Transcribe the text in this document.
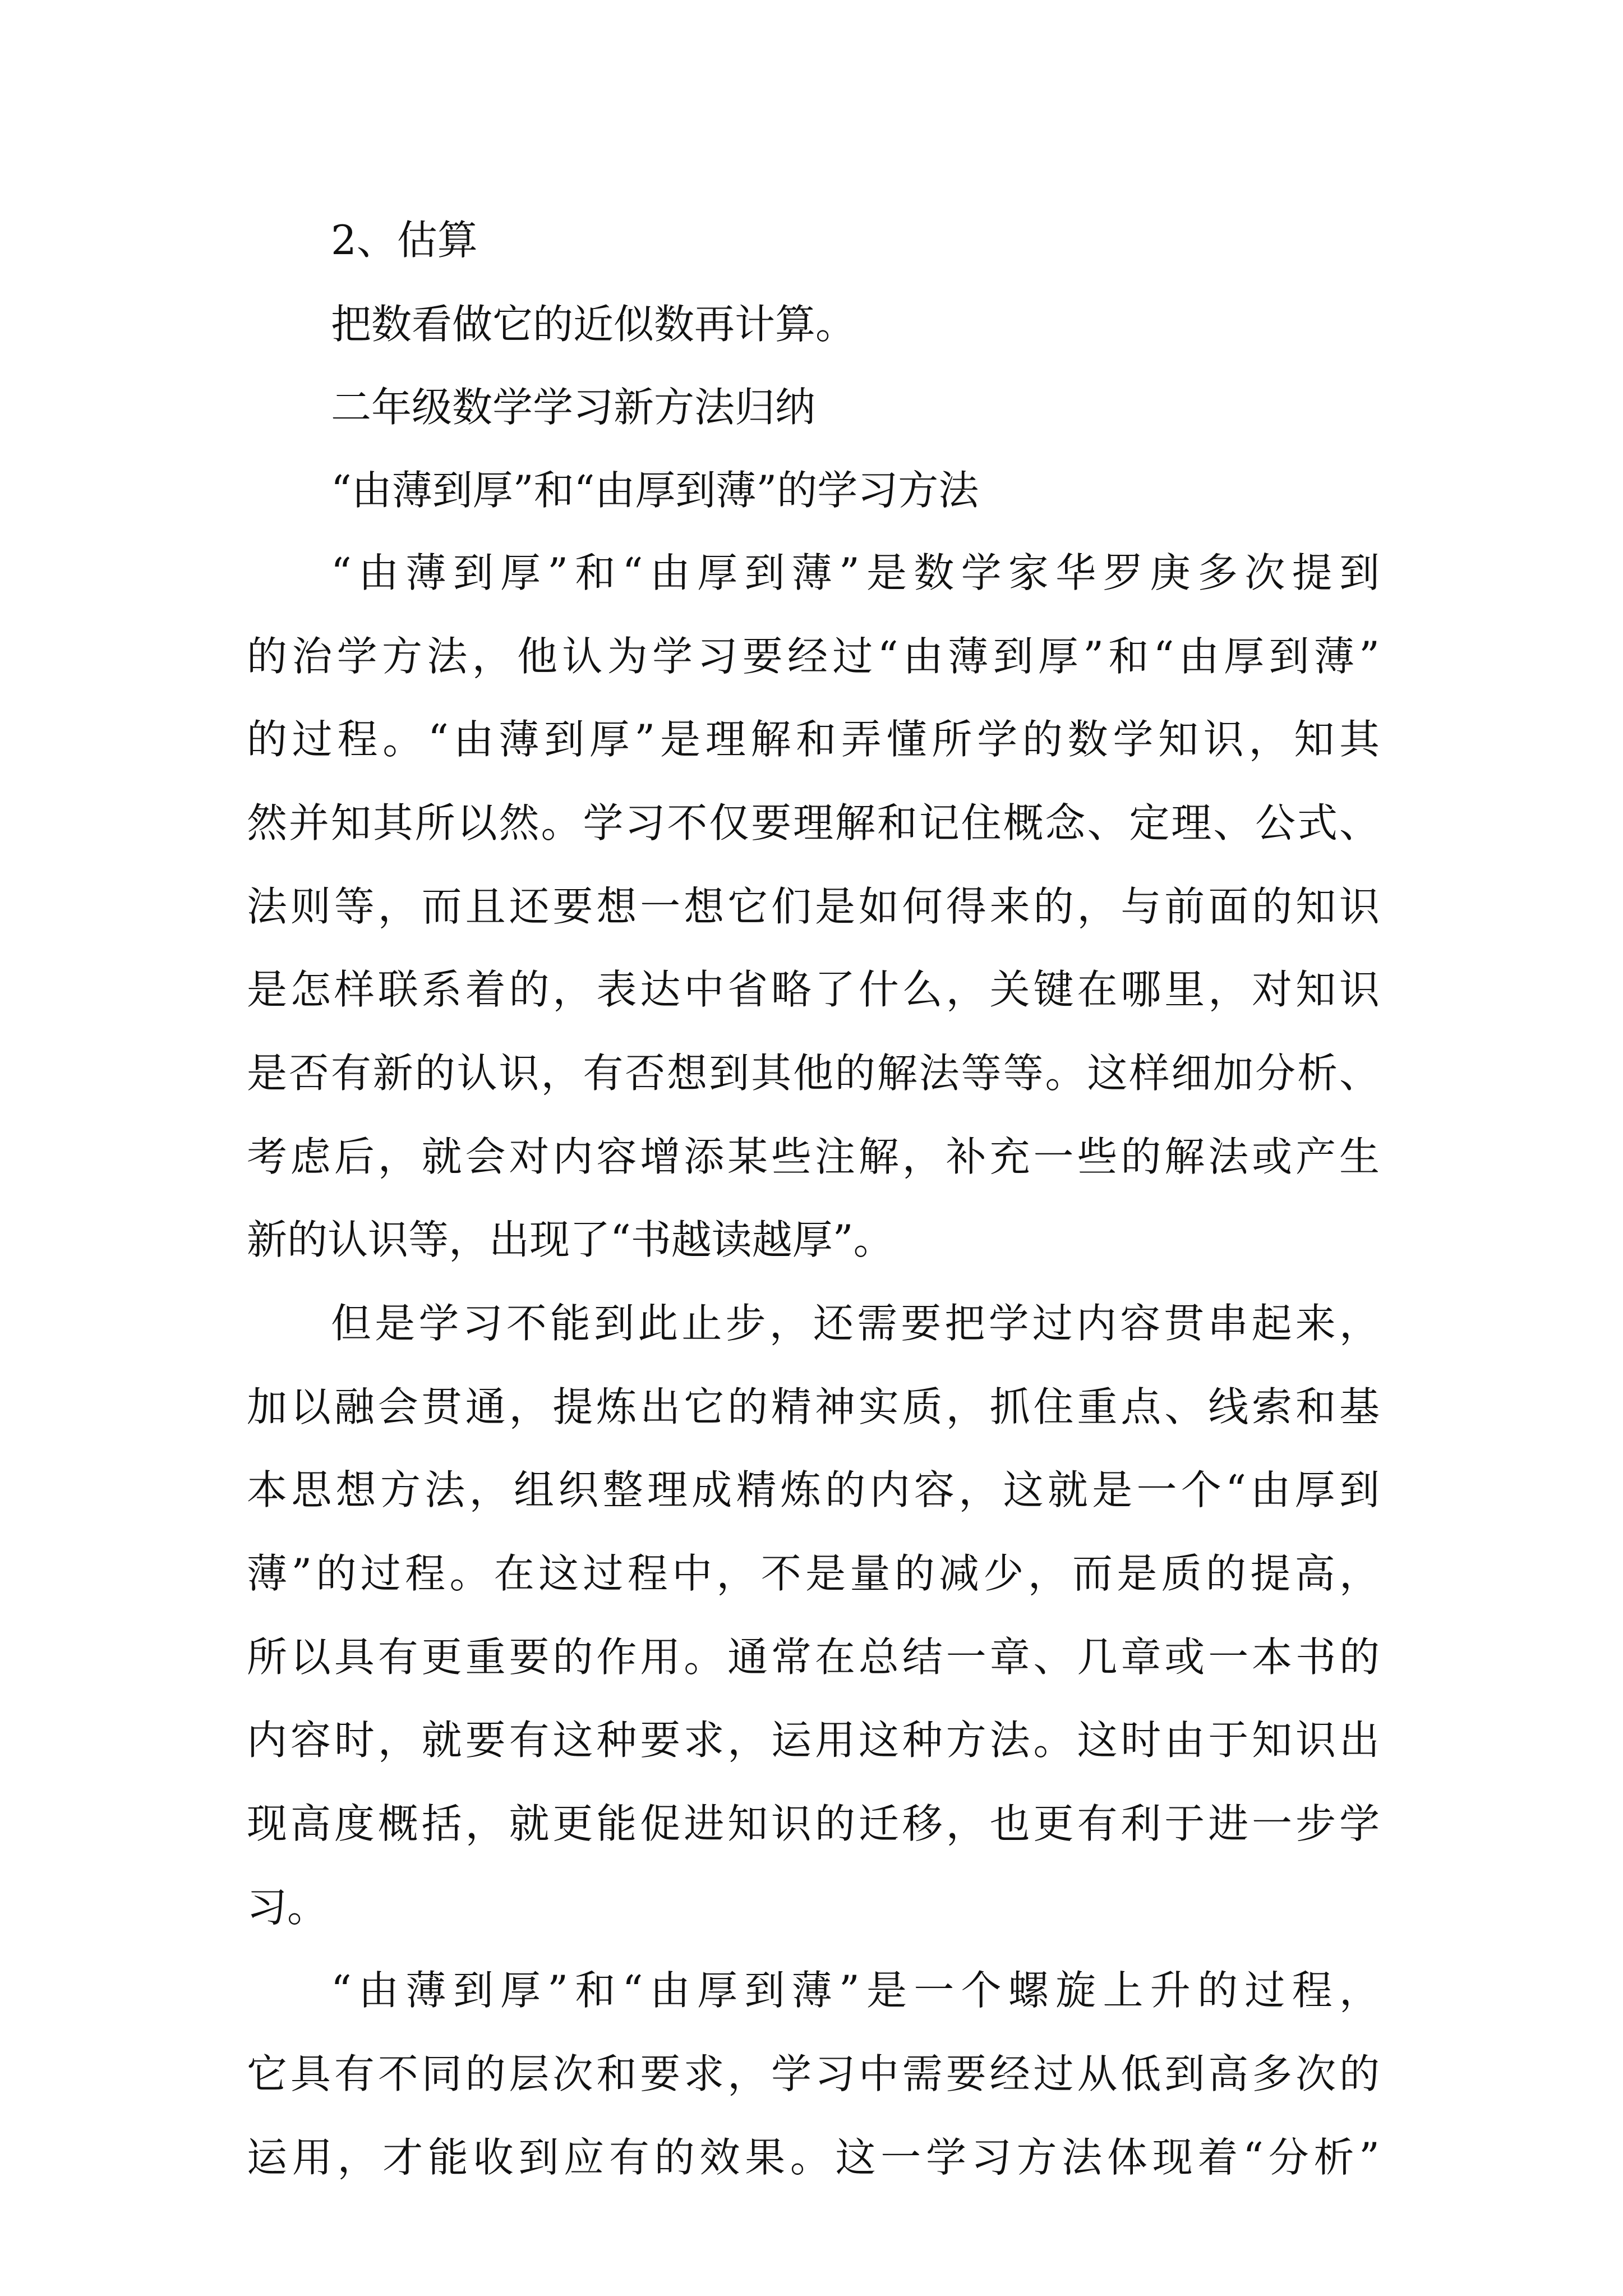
2、估算
把数看做它的近似数再计算。
二年级数学学习新方法归纳
“由薄到厚”和“由厚到薄”的学习方法
“由薄到厚”和“由厚到薄”是数学家华罗庚多次提到
的治学方法，他认为学习要经过“由薄到厚”和“由厚到薄”
的过程。“由薄到厚”是理解和弄懂所学的数学知识，知其
然并知其所以然。学习不仅要理解和记住概念、定理、公式、
法则等，而且还要想一想它们是如何得来的，与前面的知识
是怎样联系着的，表达中省略了什么，关键在哪里，对知识
是否有新的认识，有否想到其他的解法等等。这样细加分析、
考虑后，就会对内容增添某些注解，补充一些的解法或产生
新的认识等，出现了“书越读越厚”。
但是学习不能到此止步，还需要把学过内容贯串起来，
加以融会贯通，提炼出它的精神实质，抓住重点、线索和基
本思想方法，组织整理成精炼的内容，这就是一个“由厚到
薄”的过程。在这过程中，不是量的减少，而是质的提高，
所以具有更重要的作用。通常在总结一章、几章或一本书的
内容时，就要有这种要求，运用这种方法。这时由于知识出
现高度概括，就更能促进知识的迁移，也更有利于进一步学
习。
“由薄到厚”和“由厚到薄”是一个螺旋上升的过程，
它具有不同的层次和要求，学习中需要经过从低到高多次的
运用，才能收到应有的效果。这一学习方法体现着“分析”
